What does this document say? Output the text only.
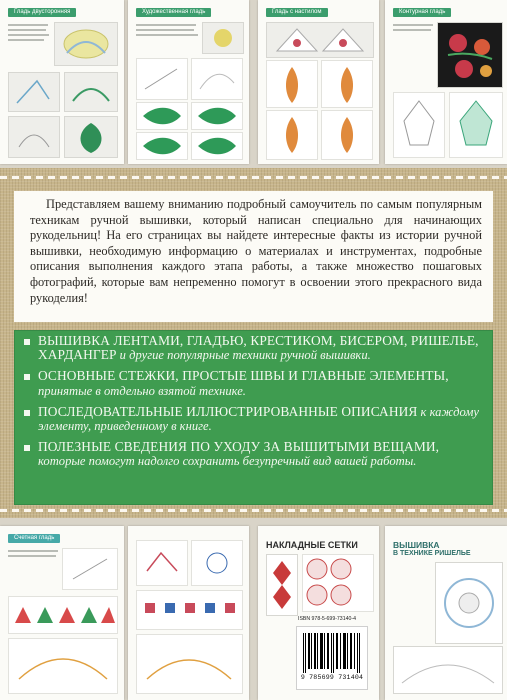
Гладь двусторонняя	Художественная гладь	Гладь с настилом	Контурная гладь

Представляем вашему вниманию подробный самоучитель по самым популярным техникам ручной вышивки, который написан специально для начинающих рукодельниц! На его страницах вы найдете интересные факты из истории ручной вышивки, необходимую информацию о материалах и инструментах, подробные описания выполнения каждого этапа работы, а также множество пошаговых фотографий, которые вам непременно помогут в освоении этого прекрасного вида рукоделия!

ВЫШИВКА ЛЕНТАМИ, ГЛАДЬЮ, КРЕСТИКОМ, БИСЕРОМ, РИШЕЛЬЕ, ХАРДАНГЕР и другие популярные техники ручной вышивки.
ОСНОВНЫЕ СТЕЖКИ, ПРОСТЫЕ ШВЫ И ГЛАВНЫЕ ЭЛЕМЕНТЫ, принятые в отдельно взятой технике.
ПОСЛЕДОВАТЕЛЬНЫЕ ИЛЛЮСТРИРОВАННЫЕ ОПИСАНИЯ к каждому элементу, приведенному в книге.
ПОЛЕЗНЫЕ СВЕДЕНИЯ ПО УХОДУ ЗА ВЫШИТЫМИ ВЕЩАМИ, которые помогут надолго сохранить безупречный вид вашей работы.
Счетная гладь
НАКЛАДНЫЕ СЕТКИ	ВЫШИВКА
В ТЕХНИКЕ РИШЕЛЬЕ
ISBN 978-5-699-73140-4
9 785699 731404
